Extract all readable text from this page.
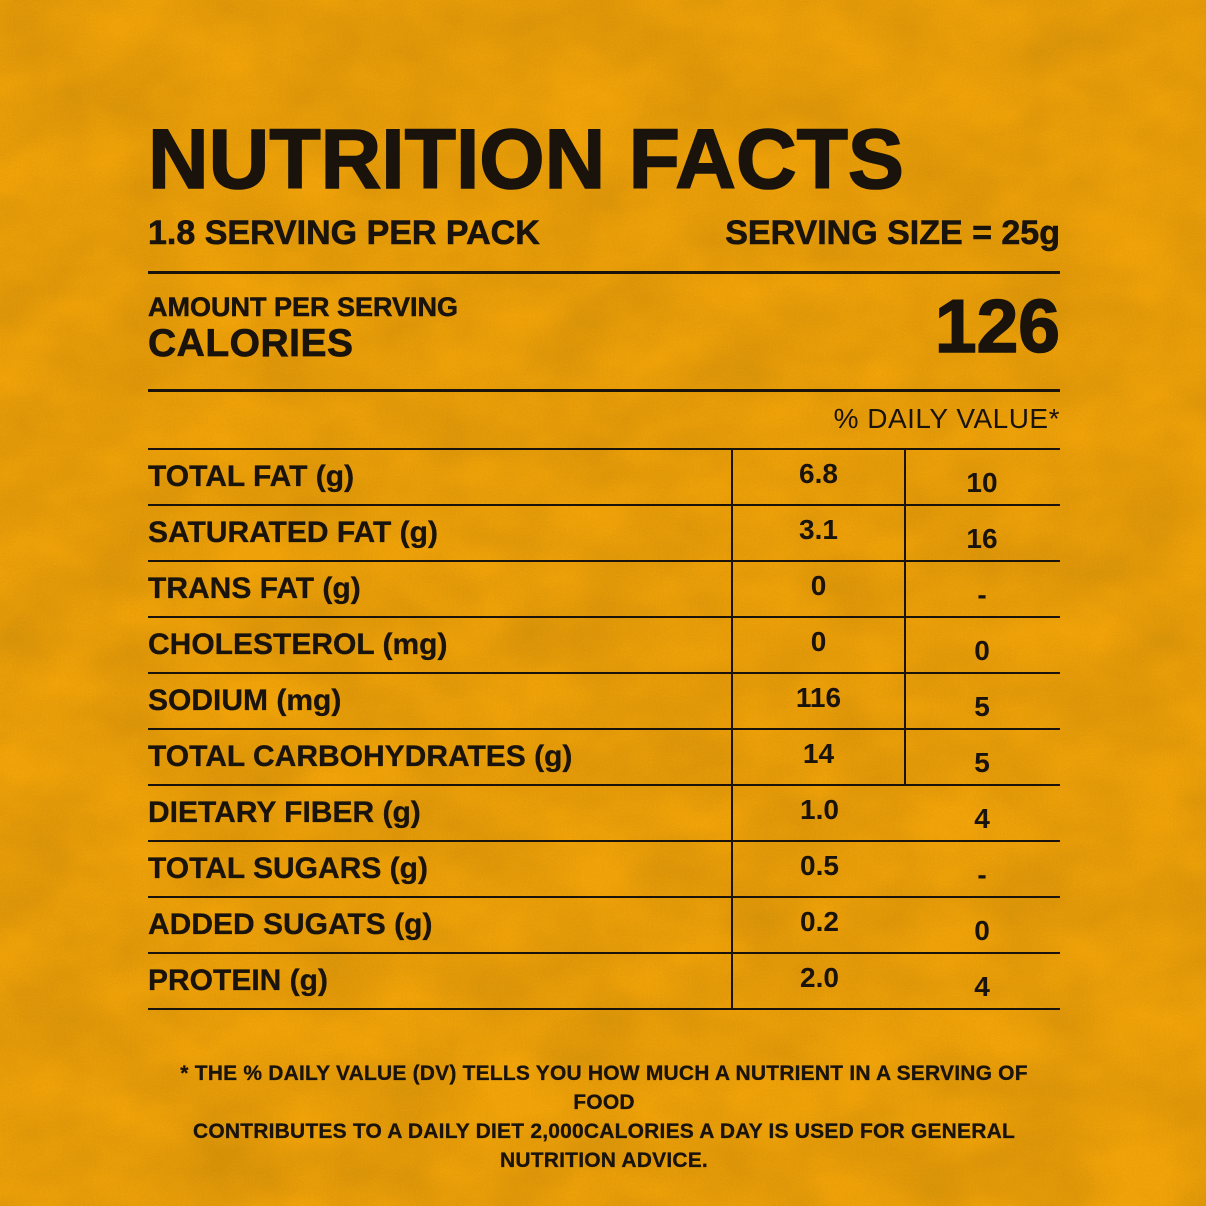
NUTRITION FACTS
1.8 SERVING PER PACK	SERVING SIZE = 25g
AMOUNT PER SERVING
CALORIES	126
% DAILY VALUE*
TOTAL FAT (g)	6.8	10
SATURATED FAT (g)	3.1	16
TRANS FAT (g)	0	-
CHOLESTEROL (mg)	0	0
SODIUM (mg)	116	5
TOTAL CARBOHYDRATES (g)	14	5
DIETARY FIBER (g)	1.0	4
TOTAL SUGARS (g)	0.5	-
ADDED SUGATS (g)	0.2	0
PROTEIN (g)	2.0	4
* THE % DAILY VALUE (DV) TELLS YOU HOW MUCH A NUTRIENT IN A SERVING OF FOOD
CONTRIBUTES TO A DAILY DIET 2,000CALORIES A DAY IS USED FOR GENERAL NUTRITION ADVICE.
